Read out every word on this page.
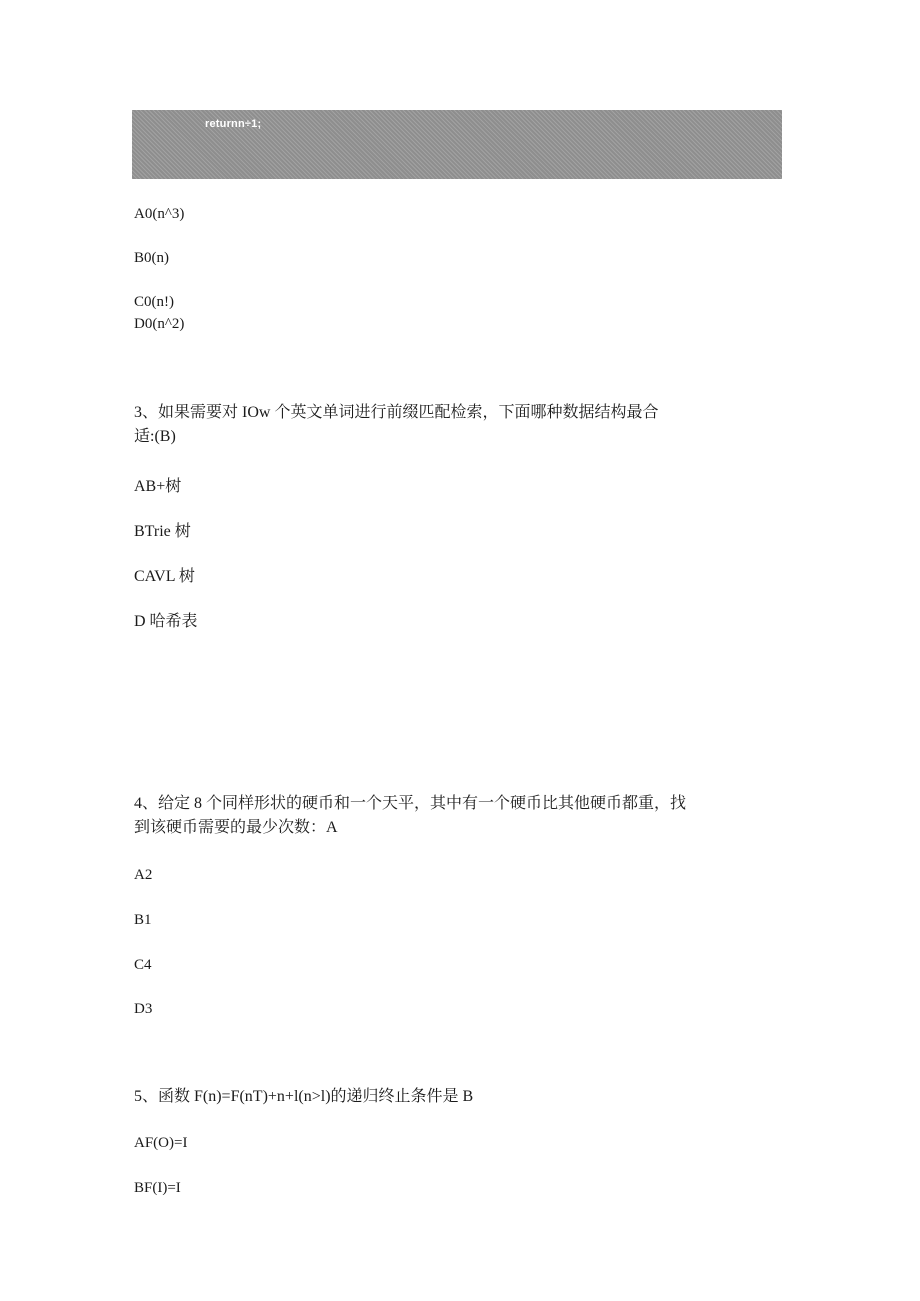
returnn÷1;
A0(n^3)
B0(n)
C0(n!)
D0(n^2)
3、如果需要对 IOw 个英文单词进行前缀匹配检索，下面哪种数据结构最合
适:(B)
AB+树
BTrie 树
CAVL 树
D 哈希表
4、给定 8 个同样形状的硬币和一个天平，其中有一个硬币比其他硬币都重，找
到该硬币需要的最少次数：A
A2
B1
C4
D3
5、函数 F(n)=F(nT)+n+l(n>l)的递归终止条件是 B
AF(O)=I
BF(I)=I
